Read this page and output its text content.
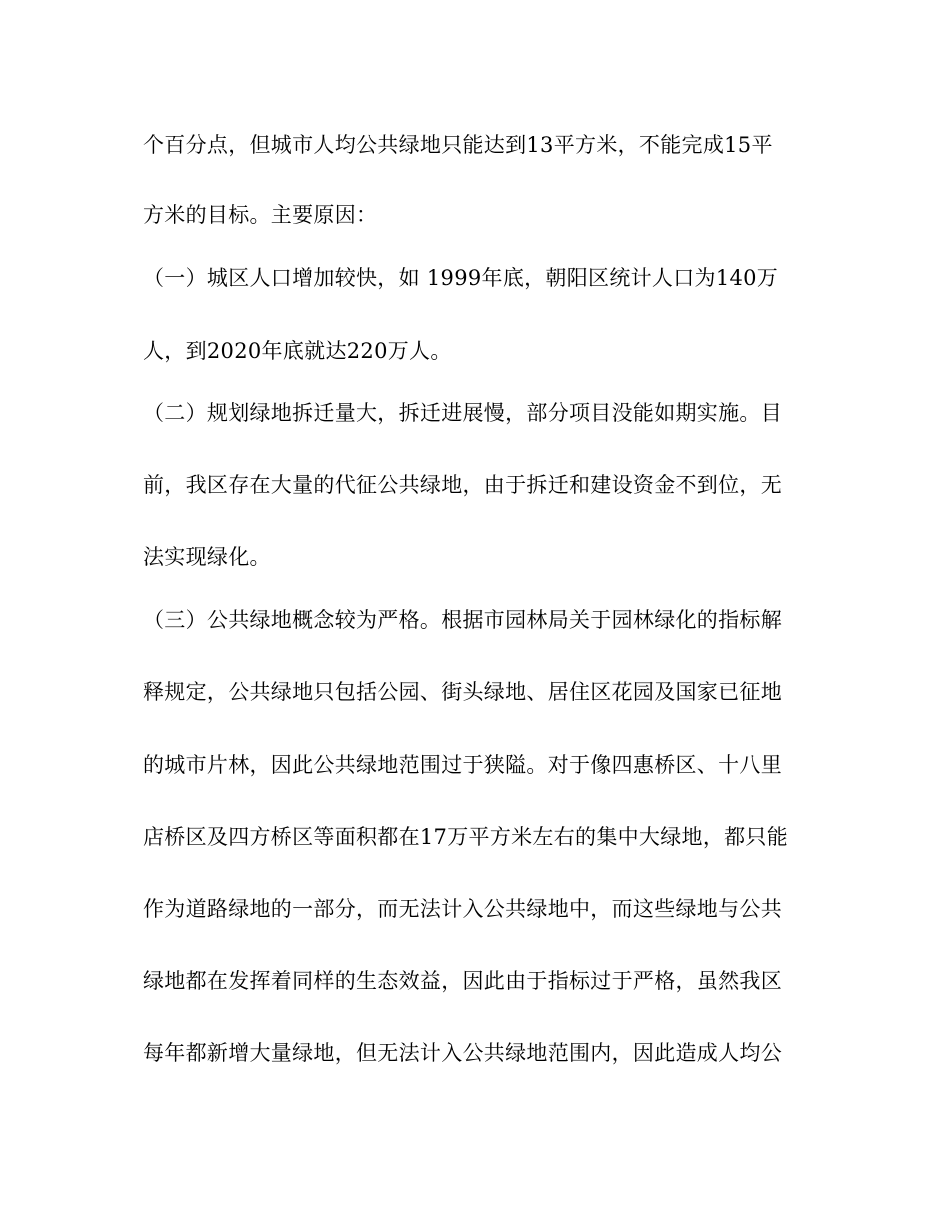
个百分点，但城市人均公共绿地只能达到13平方米，不能完成15平
方米的目标。主要原因：
（一）城区人口增加较快，如 1999年底，朝阳区统计人口为140万
人，到2020年底就达220万人。
（二）规划绿地拆迁量大，拆迁进展慢，部分项目没能如期实施。目
前，我区存在大量的代征公共绿地，由于拆迁和建设资金不到位，无
法实现绿化。
（三）公共绿地概念较为严格。根据市园林局关于园林绿化的指标解
释规定，公共绿地只包括公园、街头绿地、居住区花园及国家已征地
的城市片林，因此公共绿地范围过于狭隘。对于像四惠桥区、十八里
店桥区及四方桥区等面积都在17万平方米左右的集中大绿地，都只能
作为道路绿地的一部分，而无法计入公共绿地中，而这些绿地与公共
绿地都在发挥着同样的生态效益，因此由于指标过于严格，虽然我区
每年都新增大量绿地，但无法计入公共绿地范围内，因此造成人均公
